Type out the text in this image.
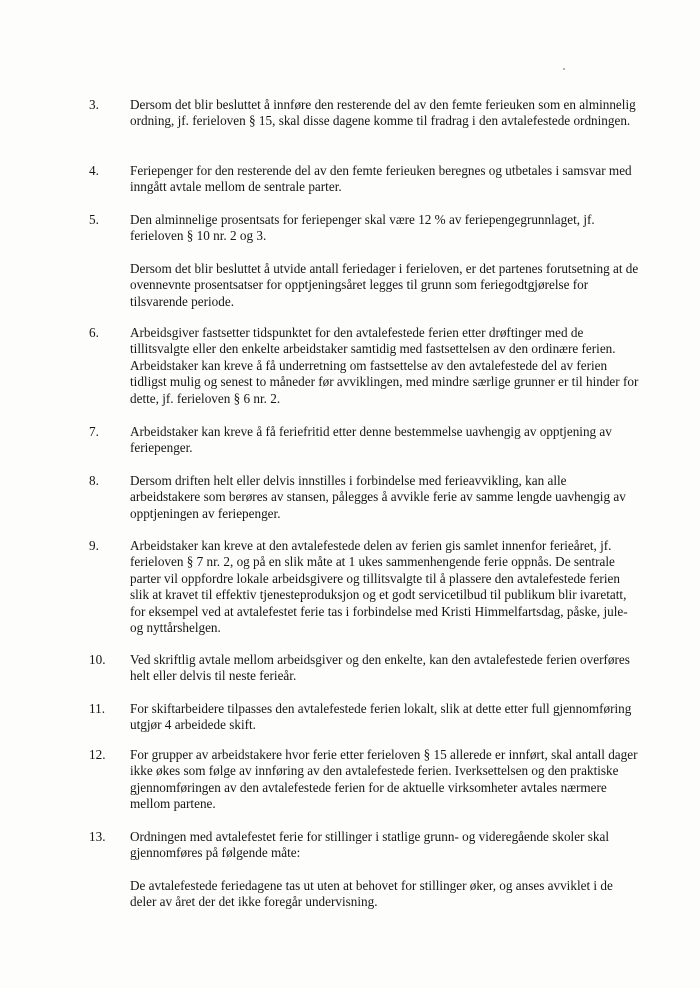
3. Dersom det blir besluttet å innføre den resterende del av den femte ferieuken som en alminnelig ordning, jf. ferieloven § 15, skal disse dagene komme til fradrag i den avtalefestede ordningen.

4. Feriepenger for den resterende del av den femte ferieuken beregnes og utbetales i samsvar med inngått avtale mellom de sentrale parter.

5. Den alminnelige prosentsats for feriepenger skal være 12 % av feriepengegrunnlaget, jf. ferieloven § 10 nr. 2 og 3.

Dersom det blir besluttet å utvide antall feriedager i ferieloven, er det partenes forutsetning at de ovennevnte prosentsatser for opptjeningsåret legges til grunn som feriegodtgjørelse for tilsvarende periode.

6. Arbeidsgiver fastsetter tidspunktet for den avtalefestede ferien etter drøftinger med de tillitsvalgte eller den enkelte arbeidstaker samtidig med fastsettelsen av den ordinære ferien. Arbeidstaker kan kreve å få underretning om fastsettelse av den avtalefestede del av ferien tidligst mulig og senest to måneder før avviklingen, med mindre særlige grunner er til hinder for dette, jf. ferieloven § 6 nr. 2.

7. Arbeidstaker kan kreve å få feriefritid etter denne bestemmelse uavhengig av opptjening av feriepenger.

8. Dersom driften helt eller delvis innstilles i forbindelse med ferieavvikling, kan alle arbeidstakere som berøres av stansen, pålegges å avvikle ferie av samme lengde uavhengig av opptjeningen av feriepenger.

9. Arbeidstaker kan kreve at den avtalefestede delen av ferien gis samlet innenfor ferieåret, jf. ferieloven § 7 nr. 2, og på en slik måte at 1 ukes sammenhengende ferie oppnås. De sentrale parter vil oppfordre lokale arbeidsgivere og tillitsvalgte til å plassere den avtalefestede ferien slik at kravet til effektiv tjenesteproduksjon og et godt servicetilbud til publikum blir ivaretatt, for eksempel ved at avtalefestet ferie tas i forbindelse med Kristi Himmelfartsdag, påske, jule- og nyttårshelgen.

10. Ved skriftlig avtale mellom arbeidsgiver og den enkelte, kan den avtalefestede ferien overføres helt eller delvis til neste ferieår.

11. For skiftarbeidere tilpasses den avtalefestede ferien lokalt, slik at dette etter full gjennomføring utgjør 4 arbeidede skift.

12. For grupper av arbeidstakere hvor ferie etter ferieloven § 15 allerede er innført, skal antall dager ikke økes som følge av innføring av den avtalefestede ferien. Iverksettelsen og den praktiske gjennomføringen av den avtalefestede ferien for de aktuelle virksomheter avtales nærmere mellom partene.

13. Ordningen med avtalefestet ferie for stillinger i statlige grunn- og videregående skoler skal gjennomføres på følgende måte:

De avtalefestede feriedagene tas ut uten at behovet for stillinger øker, og anses avviklet i de deler av året der det ikke foregår undervisning.
